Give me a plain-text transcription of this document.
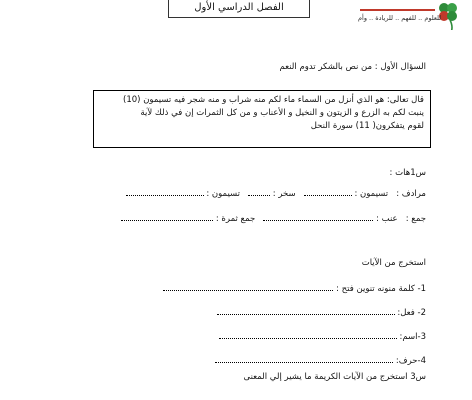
الفصل الدراسي الأول
للعلوم .. للفهم .. للريادة .. وأم
السؤال الأول : من نص بالشكر تدوم النعم
قال تعالى: هو الذي أنزل من السماء ماء لكم منه شراب و منه شجر فيه تسيمون (10)
ينبت لكم به الزرع و الزيتون و النخيل و الأعناب و من كل الثمرات إن في ذلك لآية
لقوم يتفكرون( 11) سورة النحل
س1هات :
مرادف :   تسيمون :    سخر :    تسيمون :
جمع :   عنب :    جمع ثمرة :
استخرج من الآيات
1- كلمة منونه تنوين فتح :
2- فعل:
3-اسم:
4-حرف:
س3 استخرج من الآيات الكريمة ما يشير إلي المعنى
